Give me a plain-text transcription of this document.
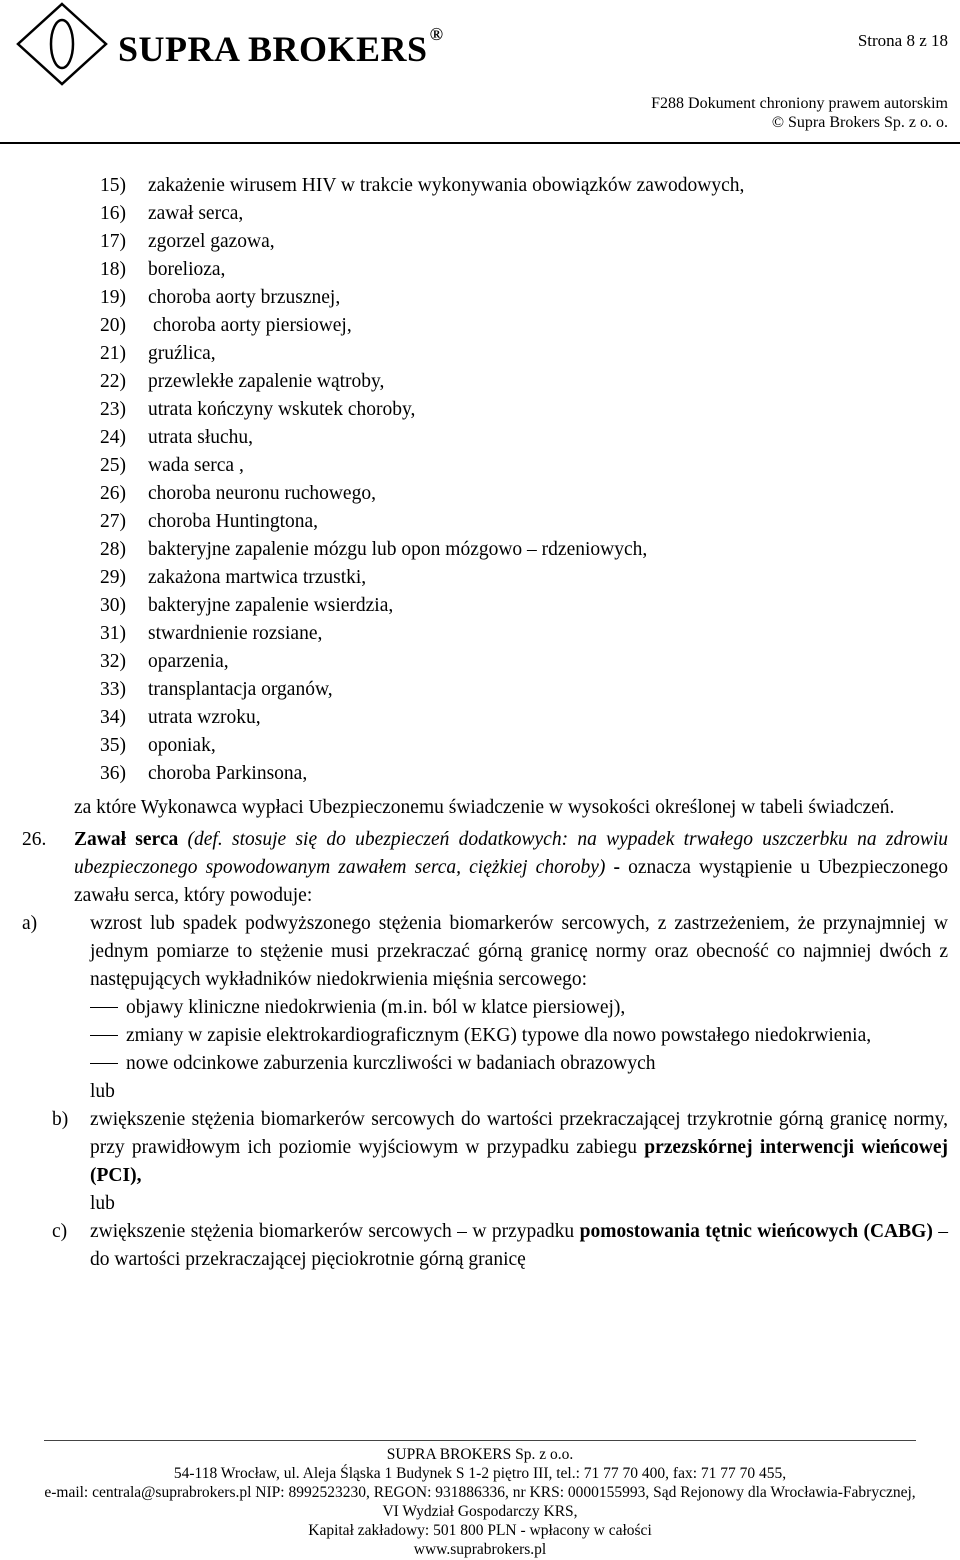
SUPRA BROKERS ®	Strona 8 z 18
F288 Dokument chroniony prawem autorskim
© Supra Brokers Sp. z o. o.
15) zakażenie wirusem HIV w trakcie wykonywania obowiązków zawodowych,
16) zawał serca,
17) zgorzel gazowa,
18) borelioza,
19) choroba aorty brzusznej,
20) choroba aorty piersiowej,
21) gruźlica,
22) przewlekłe zapalenie wątroby,
23) utrata kończyny wskutek choroby,
24) utrata słuchu,
25) wada serca ,
26) choroba neuronu ruchowego,
27) choroba Huntingtona,
28) bakteryjne zapalenie mózgu lub opon mózgowo – rdzeniowych,
29) zakażona martwica trzustki,
30) bakteryjne zapalenie wsierdzia,
31) stwardnienie rozsiane,
32) oparzenia,
33) transplantacja organów,
34) utrata wzroku,
35) oponiak,
36) choroba Parkinsona,
za które Wykonawca wypłaci Ubezpieczonemu świadczenie w wysokości określonej w tabeli świadczeń.
26. Zawał serca (def. stosuje się do ubezpieczeń dodatkowych: na wypadek trwałego uszczerbku na zdrowiu ubezpieczonego spowodowanym zawałem serca, ciężkiej choroby) - oznacza wystąpienie u Ubezpieczonego zawału serca, który powoduje:
a)	wzrost lub spadek podwyższonego stężenia biomarkerów sercowych, z zastrzeżeniem, że przynajmniej w jednym pomiarze to stężenie musi przekraczać górną granicę normy oraz obecność co najmniej dwóch z następujących wykładników niedokrwienia mięśnia sercowego:
objawy kliniczne niedokrwienia (m.in. ból w klatce piersiowej),
zmiany w zapisie elektrokardiograficznym (EKG) typowe dla nowo powstałego niedokrwienia,
nowe odcinkowe zaburzenia kurczliwości w badaniach obrazowych
lub
b) zwiększenie stężenia biomarkerów sercowych do wartości przekraczającej trzykrotnie górną granicę normy, przy prawidłowym ich poziomie wyjściowym w przypadku zabiegu przezskórnej interwencji wieńcowej (PCI),
lub
c) zwiększenie stężenia biomarkerów sercowych – w przypadku pomostowania tętnic wieńcowych (CABG) – do wartości przekraczającej pięciokrotnie górną granicę
SUPRA BROKERS Sp. z o.o.
54-118 Wrocław, ul. Aleja Śląska 1 Budynek S 1-2 piętro III, tel.: 71 77 70 400, fax: 71 77 70 455,
e-mail: centrala@suprabrokers.pl NIP: 8992523230, REGON: 931886336, nr KRS: 0000155993, Sąd Rejonowy dla Wrocławia-Fabrycznej,
VI Wydział Gospodarczy KRS,
Kapitał zakładowy: 501 800 PLN - wpłacony w całości
www.suprabrokers.pl
